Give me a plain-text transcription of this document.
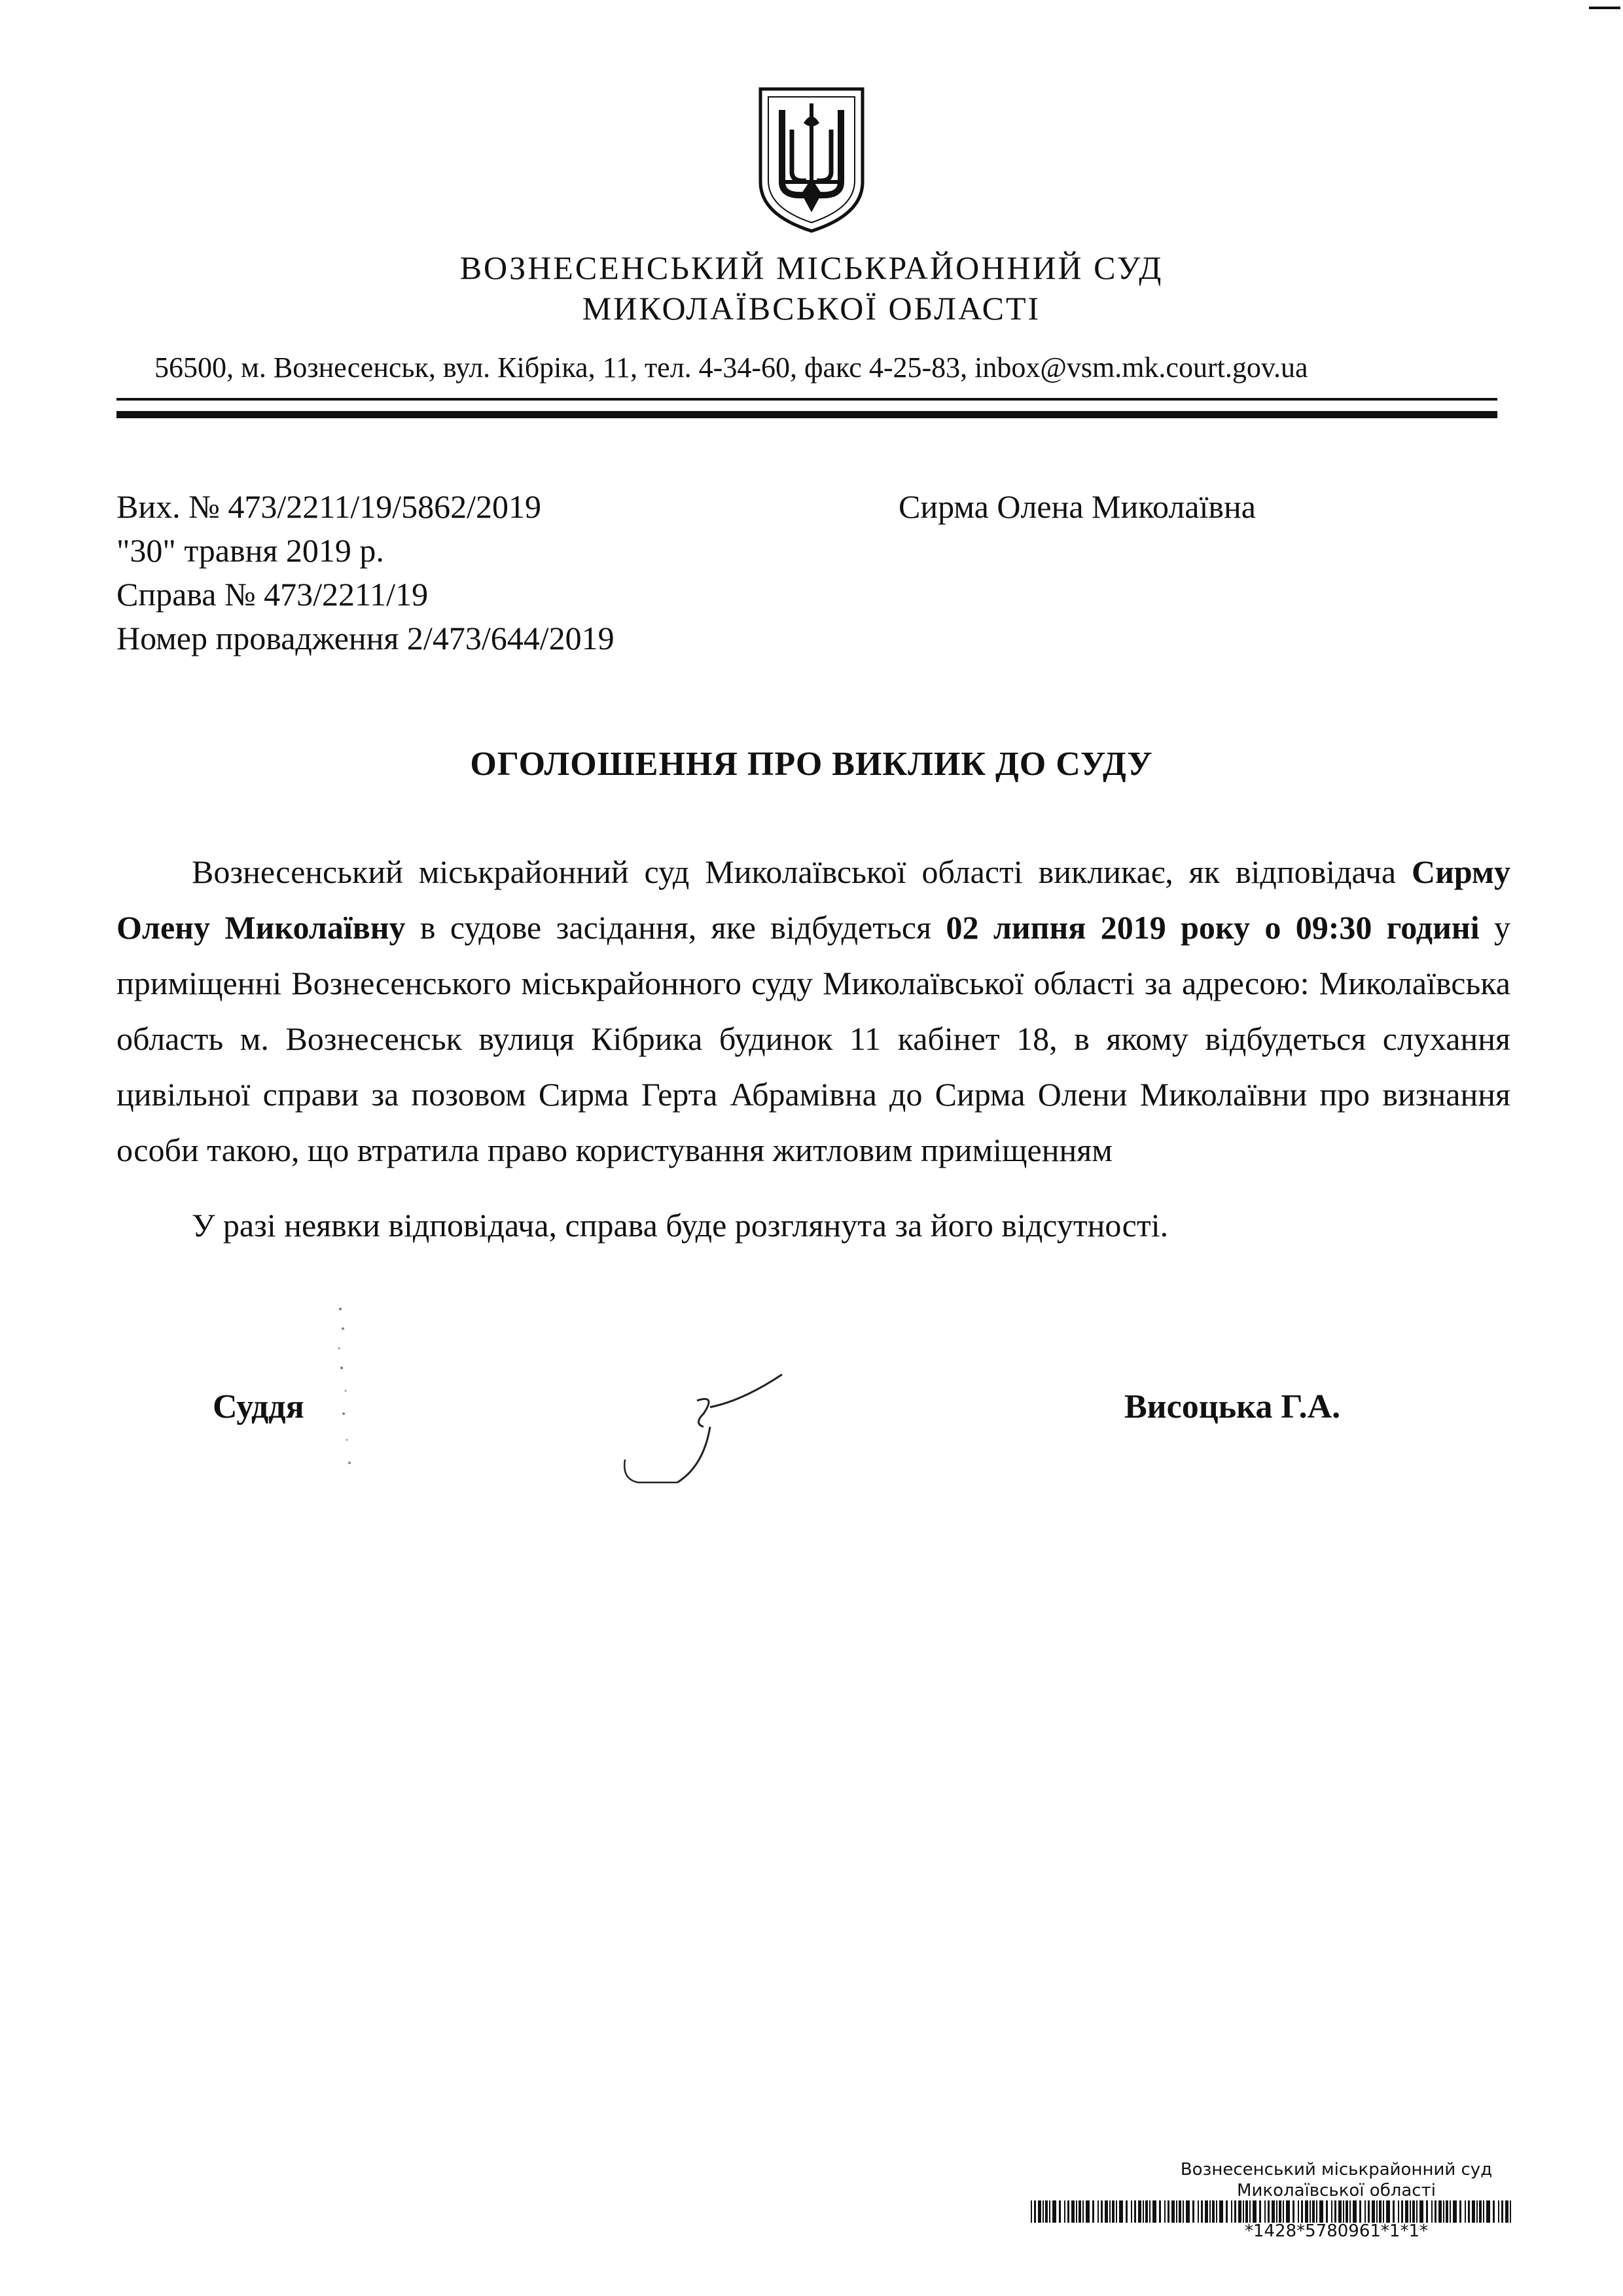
ВОЗНЕСЕНСЬКИЙ МІСЬКРАЙОННИЙ СУД
МИКОЛАЇВСЬКОЇ ОБЛАСТІ
56500, м. Вознесенськ, вул. Кібріка, 11, тел. 4-34-60, факс 4-25-83, inbox@vsm.mk.court.gov.ua
Вих. № 473/2211/19/5862/2019
"30" травня 2019 р.
Справа № 473/2211/19
Номер провадження 2/473/644/2019
Сирма Олена Миколаївна
ОГОЛОШЕННЯ ПРО ВИКЛИК ДО СУДУ

Вознесенський міськрайонний суд Миколаївської області викликає, як відповідача Сирму Олену Миколаївну в судове засідання, яке відбудеться 02 липня 2019 року о 09:30 годині у приміщенні Вознесенського міськрайонного суду Миколаївської області за адресою: Миколаївська область м. Вознесенськ вулиця Кібрика будинок 11 кабінет 18, в якому відбудеться слухання цивільної справи за позовом Сирма Герта Абрамівна до Сирма Олени Миколаївни про визнання особи такою, що втратила право користування житловим приміщенням

У разі неявки відповідача, справа буде розглянута за його відсутності.

Суддя	Висоцька Г.А.
Вознесенський міськрайонний суд
Миколаївської області
*1428*5780961*1*1*
